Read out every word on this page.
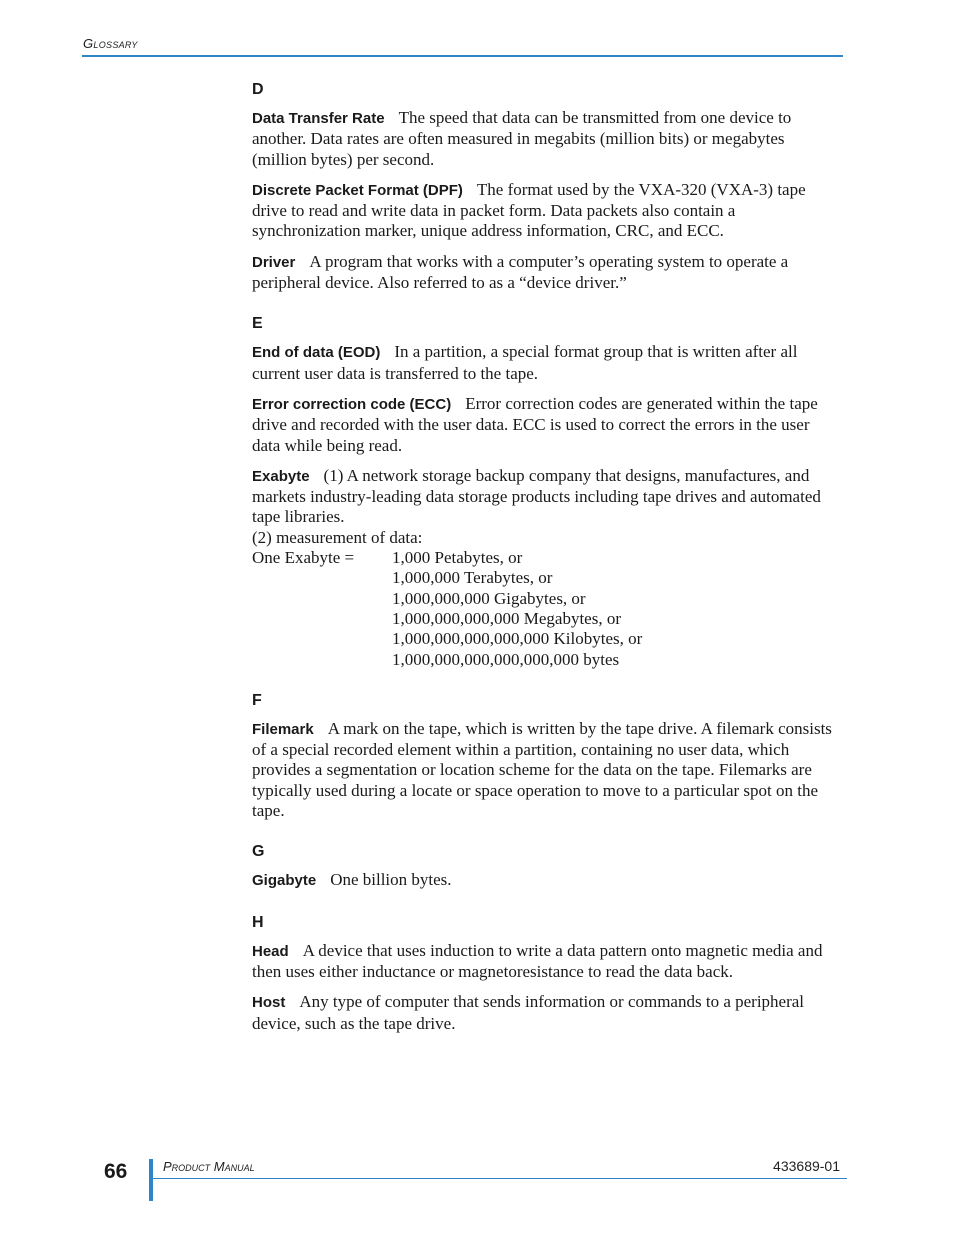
Glossary
D

Data Transfer Rate The speed that data can be transmitted from one device to another. Data rates are often measured in megabits (million bits) or megabytes (million bytes) per second.

Discrete Packet Format (DPF) The format used by the VXA-320 (VXA-3) tape drive to read and write data in packet form. Data packets also contain a synchronization marker, unique address information, CRC, and ECC.

Driver A program that works with a computer’s operating system to operate a peripheral device. Also referred to as a “device driver.”

E

End of data (EOD) In a partition, a special format group that is written after all current user data is transferred to the tape.

Error correction code (ECC) Error correction codes are generated within the tape drive and recorded with the user data. ECC is used to correct the errors in the user data while being read.

Exabyte (1) A network storage backup company that designs, manufactures, and markets industry-leading data storage products including tape drives and automated tape libraries.
(2) measurement of data:
One Exabyte =	1,000 Petabytes, or
1,000,000 Terabytes, or
1,000,000,000 Gigabytes, or
1,000,000,000,000 Megabytes, or
1,000,000,000,000,000 Kilobytes, or
1,000,000,000,000,000,000 bytes
F

Filemark A mark on the tape, which is written by the tape drive. A filemark consists of a special recorded element within a partition, containing no user data, which provides a segmentation or location scheme for the data on the tape. Filemarks are typically used during a locate or space operation to move to a particular spot on the tape.

G

Gigabyte One billion bytes.

H

Head A device that uses induction to write a data pattern onto magnetic media and then uses either inductance or magnetoresistance to read the data back.

Host Any type of computer that sends information or commands to a peripheral device, such as the tape drive.

66	Product Manual	433689-01
